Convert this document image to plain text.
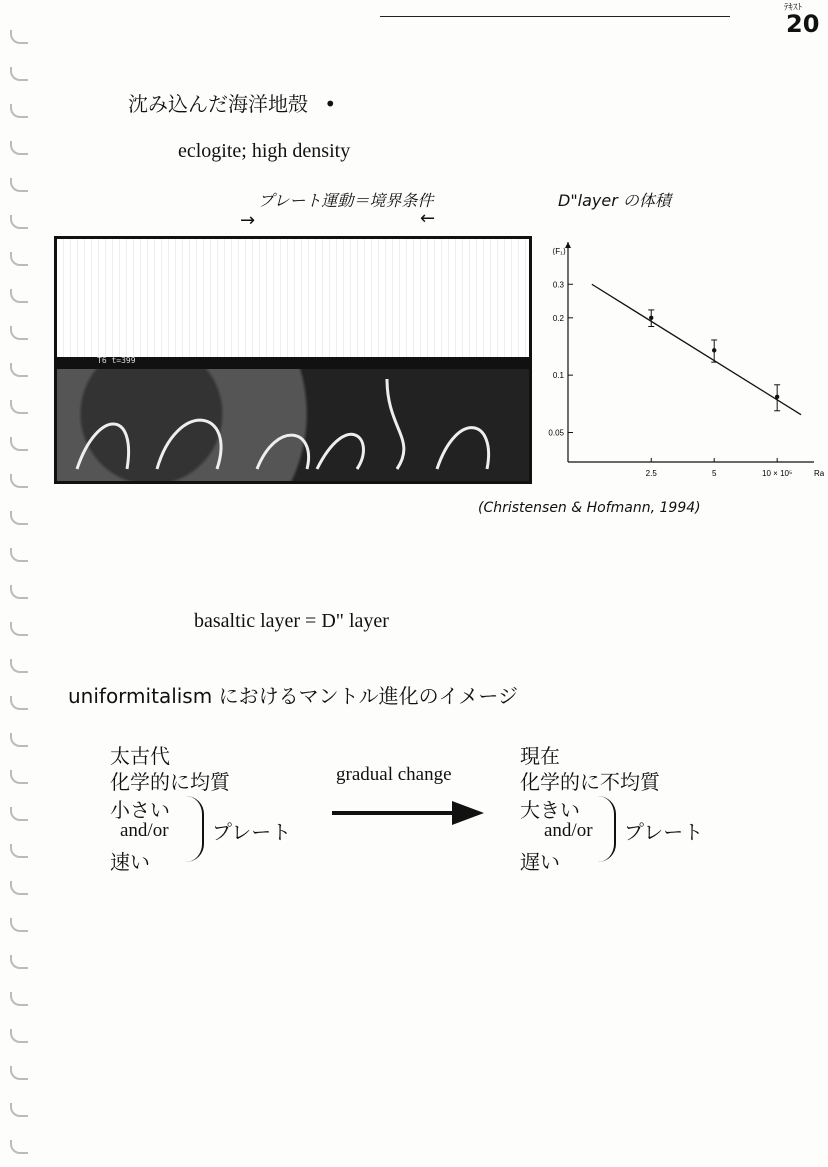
ﾃｷｽﾄ
20
沈み込んだ海洋地殻 •
eclogite; high density
プレート運動＝境界条件
→	←
D"layer の体積
T6 t=399
0.05
0.1
0.2
0.3
2.5	5	10 × 10⁵
⟨F₁⟩
Ra
(Christensen & Hofmann, 1994)
basaltic layer = D" layer
uniformitalism におけるマントル進化のイメージ
太古代
化学的に均質
小さい
and/or
速い
プレート
gradual change
現在
化学的に不均質
大きい
and/or
遅い
プレート
